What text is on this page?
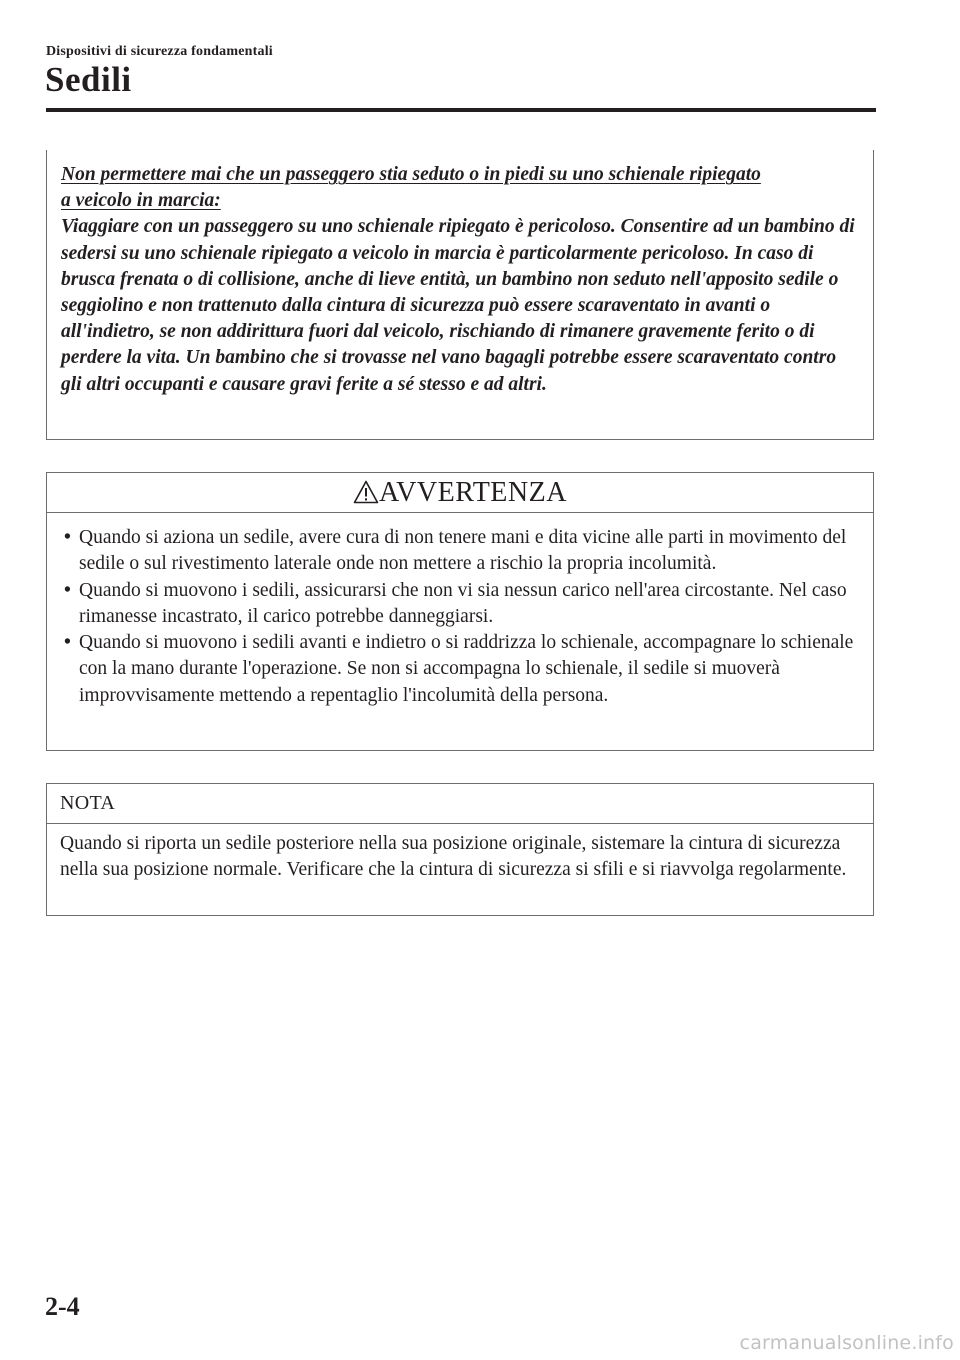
Dispositivi di sicurezza fondamentali
Sedili
Non permettere mai che un passeggero stia seduto o in piedi su uno schienale ripiegato
a veicolo in marcia:
Viaggiare con un passeggero su uno schienale ripiegato è pericoloso. Consentire ad un bambino di sedersi su uno schienale ripiegato a veicolo in marcia è particolarmente pericoloso. In caso di brusca frenata o di collisione, anche di lieve entità, un bambino non seduto nell'apposito sedile o seggiolino e non trattenuto dalla cintura di sicurezza può essere scaraventato in avanti o all'indietro, se non addirittura fuori dal veicolo, rischiando di rimanere gravemente ferito o di perdere la vita. Un bambino che si trovasse nel vano bagagli potrebbe essere scaraventato contro gli altri occupanti e causare gravi ferite a sé stesso e ad altri.
AVVERTENZA
• Quando si aziona un sedile, avere cura di non tenere mani e dita vicine alle parti in movimento del sedile o sul rivestimento laterale onde non mettere a rischio la propria incolumità.
• Quando si muovono i sedili, assicurarsi che non vi sia nessun carico nell'area circostante. Nel caso rimanesse incastrato, il carico potrebbe danneggiarsi.
• Quando si muovono i sedili avanti e indietro o si raddrizza lo schienale, accompagnare lo schienale con la mano durante l'operazione. Se non si accompagna lo schienale, il sedile si muoverà improvvisamente mettendo a repentaglio l'incolumità della persona.
NOTA
Quando si riporta un sedile posteriore nella sua posizione originale, sistemare la cintura di sicurezza nella sua posizione normale. Verificare che la cintura di sicurezza si sfili e si riavvolga regolarmente.
2-4
carmanualsonline.info
